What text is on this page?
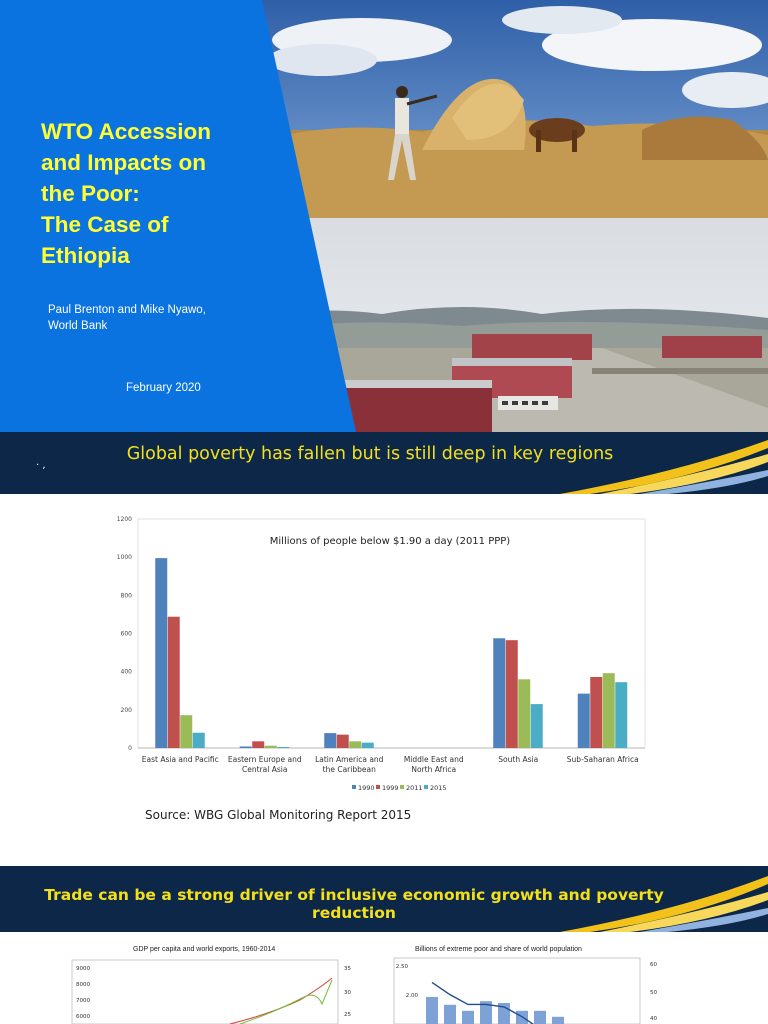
WTO Accession
and Impacts on
the Poor:
The Case of
Ethiopia
Paul Brenton and Mike Nyawo,
World Bank
February 2020
· ,
Global poverty has fallen but is still deep in key regions
0
200
400
600
800
1000
1200
Millions of people below $1.90 a day (2011 PPP)
East Asia and Pacific Eastern Europe and
Central Asia
Latin America and
the Caribbean
Middle East and
North Africa
South Asia	Sub-Saharan Africa
1990 1999 2011 2015
Source: WBG Global Monitoring Report 2015
Trade can be a strong driver of inclusive economic growth and poverty reduction
GDP per capita and world exports, 1960-2014
9000
8000
7000
6000
35
30
25
Billions of extreme poor and share of world population
2.50
2.00
60
50
40
